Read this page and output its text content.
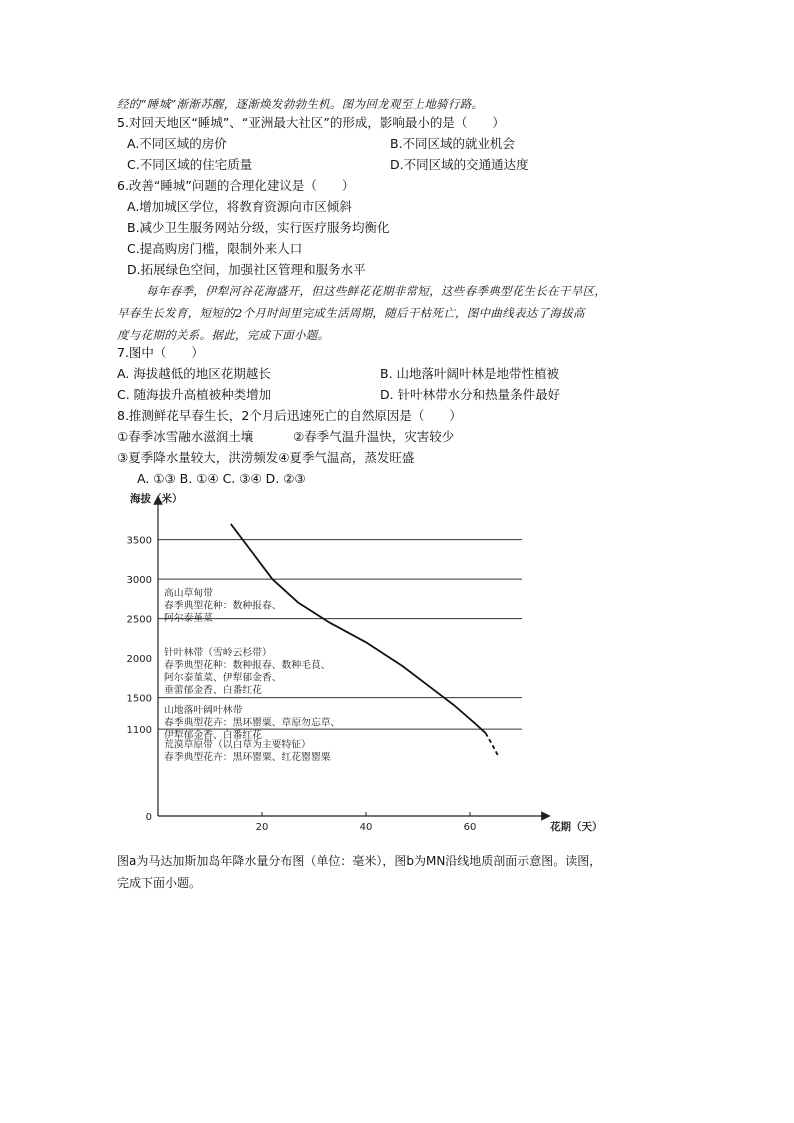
经的“睡城”渐渐苏醒，逐渐焕发勃勃生机。图为回龙观至上地骑行路。
5.对回天地区“睡城”、“亚洲最大社区”的形成，影响最小的是（　　）
A.不同区域的房价	B.不同区域的就业机会
C.不同区域的住宅质量	D.不同区域的交通通达度
6.改善“睡城”问题的合理化建议是（　　）
A.增加城区学位，将教育资源向市区倾斜
B.减少卫生服务网站分级，实行医疗服务均衡化
C.提高购房门槛，限制外来人口
D.拓展绿色空间，加强社区管理和服务水平
每年春季，伊犁河谷花海盛开，但这些鲜花花期非常短，这些春季典型花生长在干旱区，
早春生长发育，短短的2个月时间里完成生活周期，随后干枯死亡，图中曲线表达了海拔高
度与花期的关系。据此，完成下面小题。
7.图中（　　）
A. 海拔越低的地区花期越长	B. 山地落叶阔叶林是地带性植被
C. 随海拔升高植被种类增加	D. 针叶林带水分和热量条件最好
8.推测鲜花早春生长，2个月后迅速死亡的自然原因是（　　）
①春季冰雪融水滋润土壤	②春季气温升温快，灾害较少
③夏季降水量较大，洪涝频发④夏季气温高，蒸发旺盛
A. ①③ B. ①④ C. ③④ D. ②③
海拔（米）
花期（天）
0
1100
1500
2000
2500
3000
3500
20	40	60
高山草甸带
春季典型花种：数种报春、
阿尔泰堇菜
针叶林带（雪岭云杉带）
春季典型花种：数种报春、数种毛茛、
阿尔泰堇菜、伊犁郁金香、
垂蕾郁金香、白番红花
山地落叶阔叶林带
春季典型花卉：黑环罂粟、草原勿忘草、
伊犁郁金香、白番红花
荒漠草原带（以白草为主要特征）
春季典型花卉：黑环罂粟、红花罂罂粟
图a为马达加斯加岛年降水量分布图（单位：毫米），图b为MN沿线地质剖面示意图。读图，
完成下面小题。
